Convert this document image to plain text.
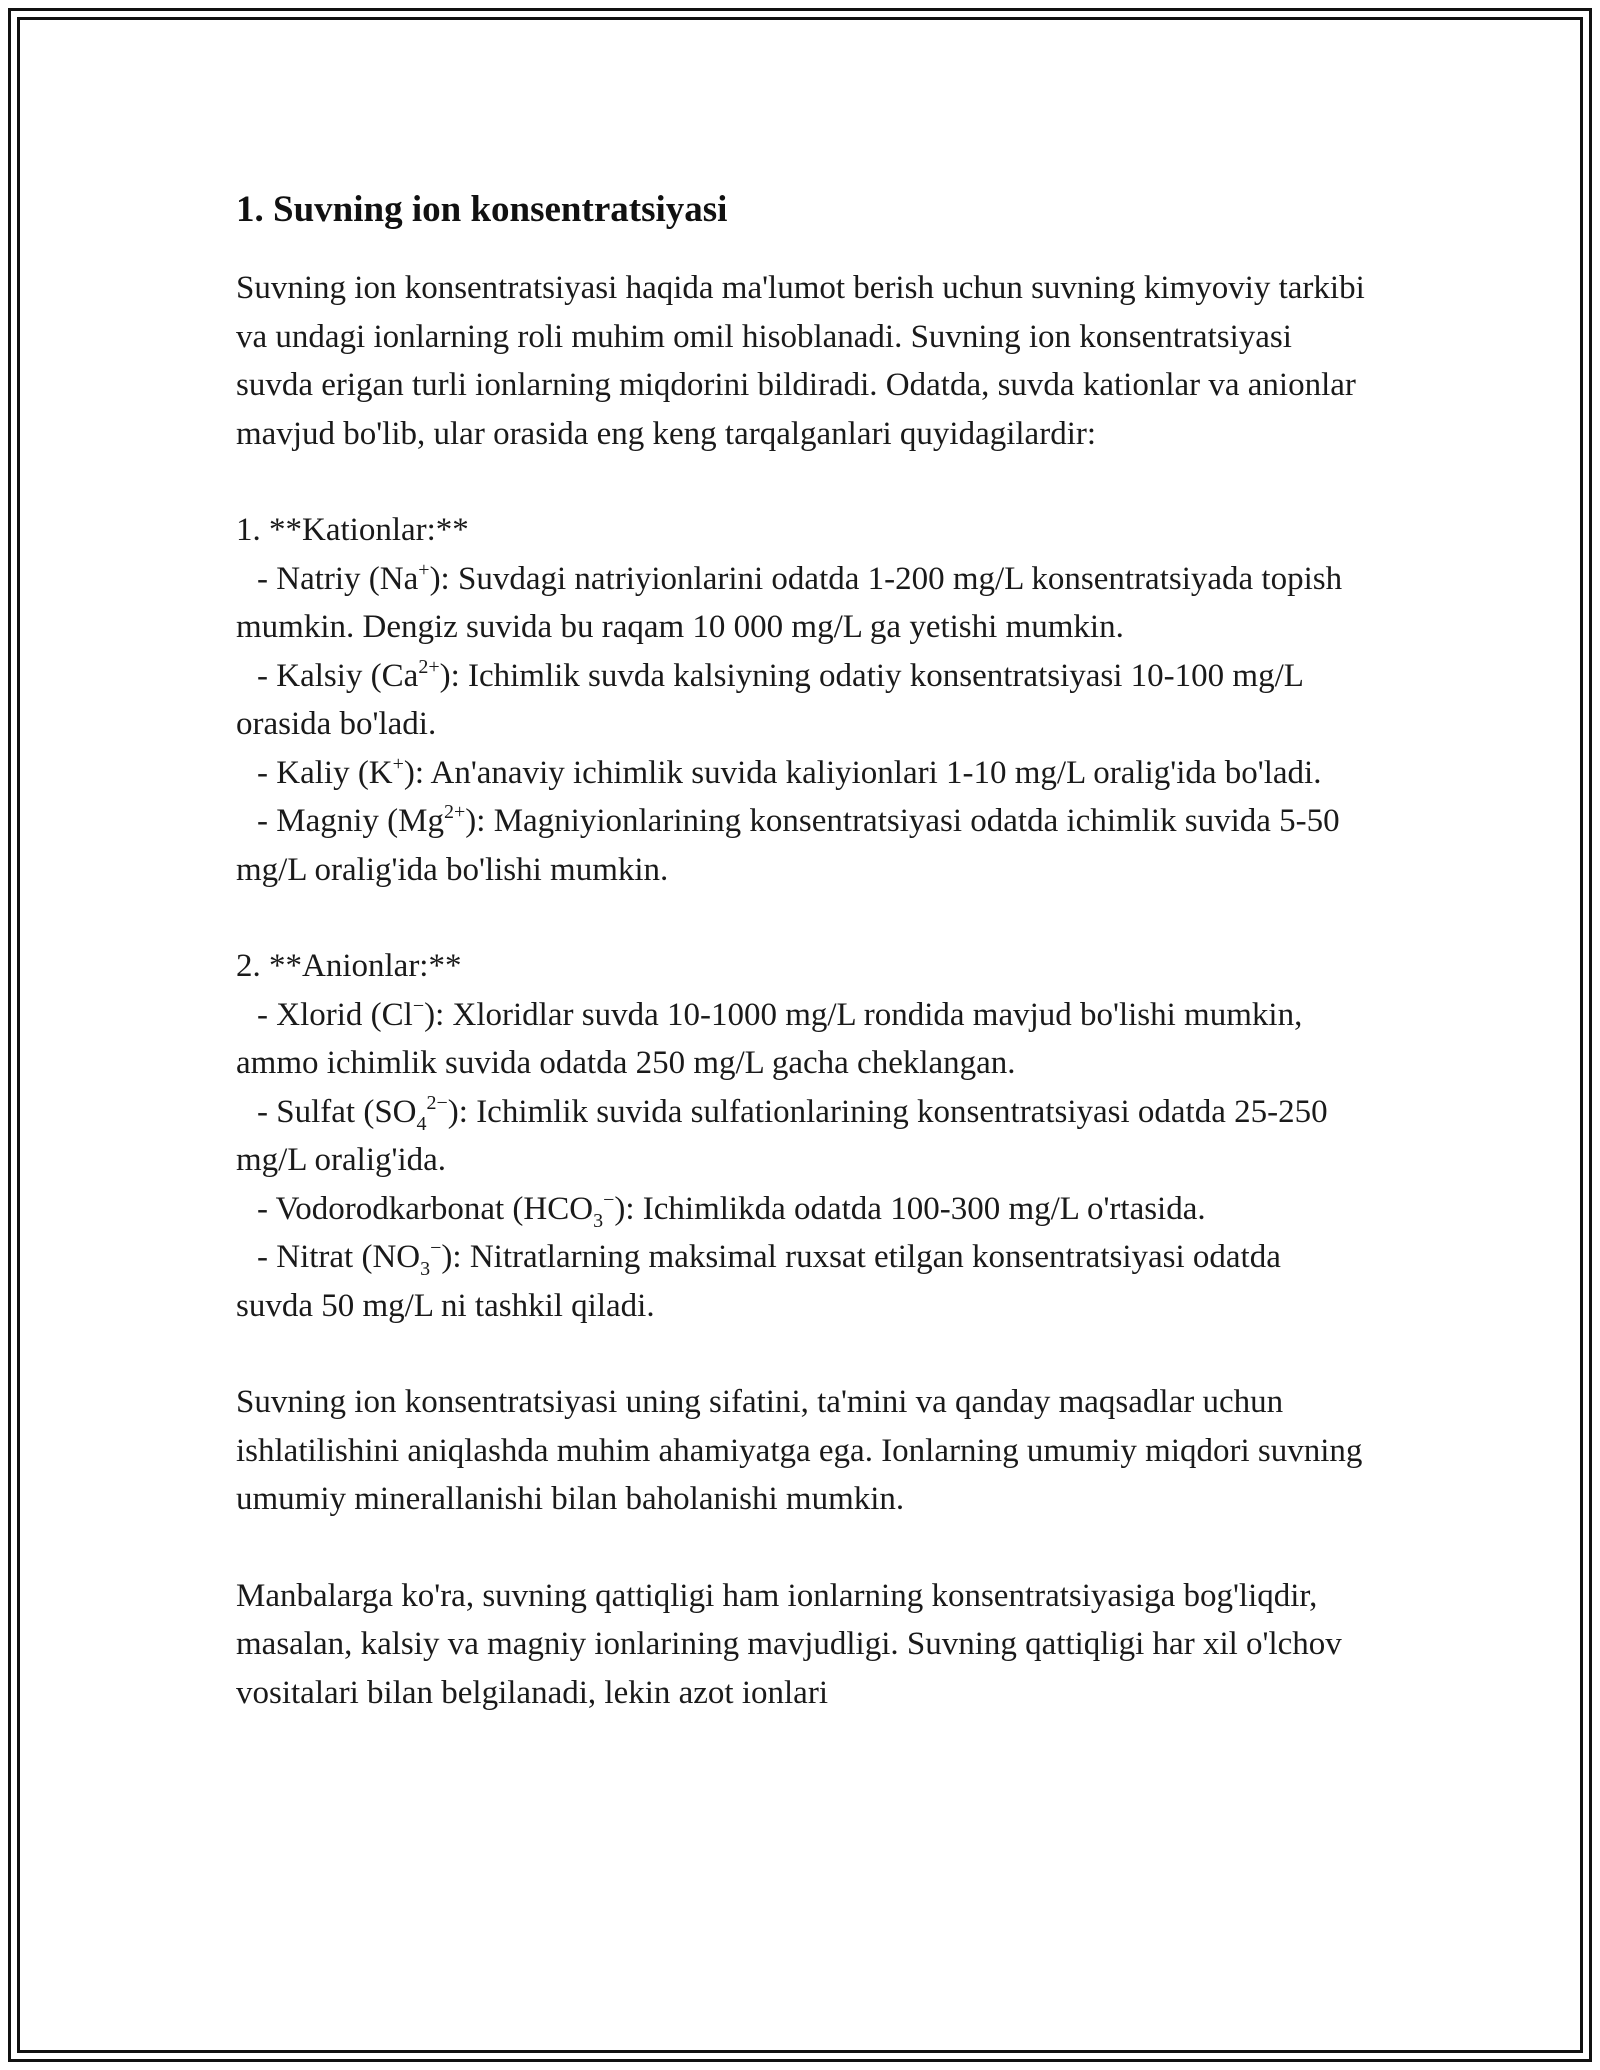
1. Suvning ion konsentratsiyasi

Suvning ion konsentratsiyasi haqida ma'lumot berish uchun suvning kimyoviy tarkibi va undagi ionlarning roli muhim omil hisoblanadi. Suvning ion konsentratsiyasi suvda erigan turli ionlarning miqdorini bildiradi. Odatda, suvda kationlar va anionlar mavjud bo'lib, ular orasida eng keng tarqalganlari quyidagilardir:

1. **Kationlar:**
- Natriy (Na+): Suvdagi natriyionlarini odatda 1-200 mg/L konsentratsiyada topish mumkin. Dengiz suvida bu raqam 10 000 mg/L ga yetishi mumkin.
- Kalsiy $(Ca^{2+})$: Ichimlik suvda kalsiyning odatiy konsentratsiyasi 10-100 mg/L orasida bo'ladi.
- Kaliy (K+): An'anaviy ichimlik suvida kaliyionlari 1-10 mg/L oralig'ida bo'ladi.
- Magniy $(Mg^{2+})$: Magniyionlarining konsentratsiyasi odatda ichimlik suvida 5-50 mg/L oralig'ida bo'lishi mumkin.
2. **Anionlar:**
- Xlorid (Cl−): Xloridlar suvda 10-1000 mg/L rondida mavjud bo'lishi mumkin, ammo ichimlik suvida odatda 250 mg/L gacha cheklangan.
- Sulfat $(SO_4^{2-})$: Ichimlik suvida sulfationlarining konsentratsiyasi odatda 25-250 mg/L oralig'ida.
- Vodorodkarbonat $(HCO_3^-)$: Ichimlikda odatda 100-300 mg/L o'rtasida.
- Nitrat $(NO_3^-)$: Nitratlarning maksimal ruxsat etilgan konsentratsiyasi odatda suvda 50 mg/L ni tashkil qiladi.

Suvning ion konsentratsiyasi uning sifatini, ta'mini va qanday maqsadlar uchun ishlatilishini aniqlashda muhim ahamiyatga ega. Ionlarning umumiy miqdori suvning umumiy minerallanishi bilan baholanishi mumkin.

Manbalarga ko'ra, suvning qattiqligi ham ionlarning konsentratsiyasiga bog'liqdir, masalan, kalsiy va magniy ionlarining mavjudligi. Suvning qattiqligi har xil o'lchov vositalari bilan belgilanadi, lekin azot ionlari
